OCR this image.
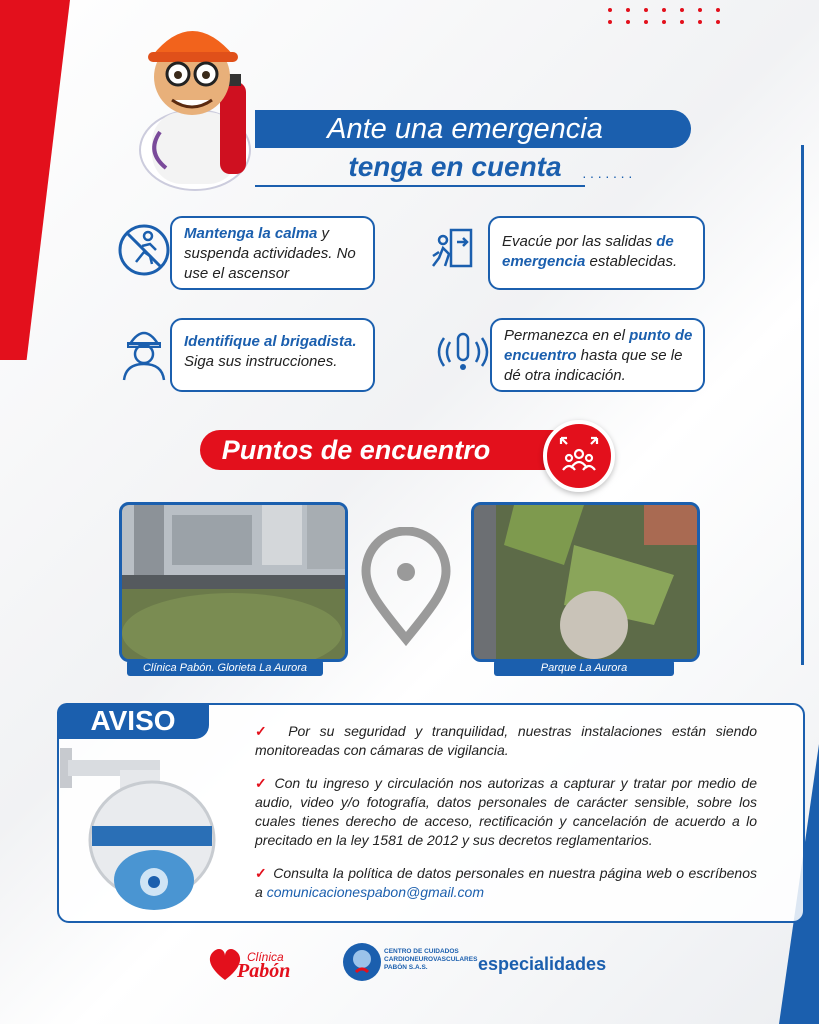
Ante una emergencia
tenga en cuenta	·······
Mantenga la calma y suspenda actividades. No use el ascensor
Evacúe por las salidas de emergencia establecidas.
Identifique al brigadista. Siga sus instrucciones.
Permanezca en el punto de encuentro hasta que se le dé otra indicación.
Puntos de encuentro
Clínica Pabón. Glorieta La Aurora	Parque La Aurora
AVISO	✓ Por su seguridad y tranquilidad, nuestras instalaciones están siendo monitoreadas con cámaras de vigilancia.

✓ Con tu ingreso y circulación nos autorizas a capturar y tratar por medio de audio, video y/o fotografía, datos personales de carácter sensible, sobre los cuales tienes derecho de acceso, rectificación y cancelación de acuerdo a lo precitado en la ley 1581 de 2012 y sus decretos reglamentarios.

✓ Consulta la política de datos personales en nuestra página web o escríbenos a comunicacionespabon@gmail.com

Clínica
Pabón
CENTRO DE CUIDADOS
CARDIONEUROVASCULARES
PABÓN S.A.S.	especialidades
